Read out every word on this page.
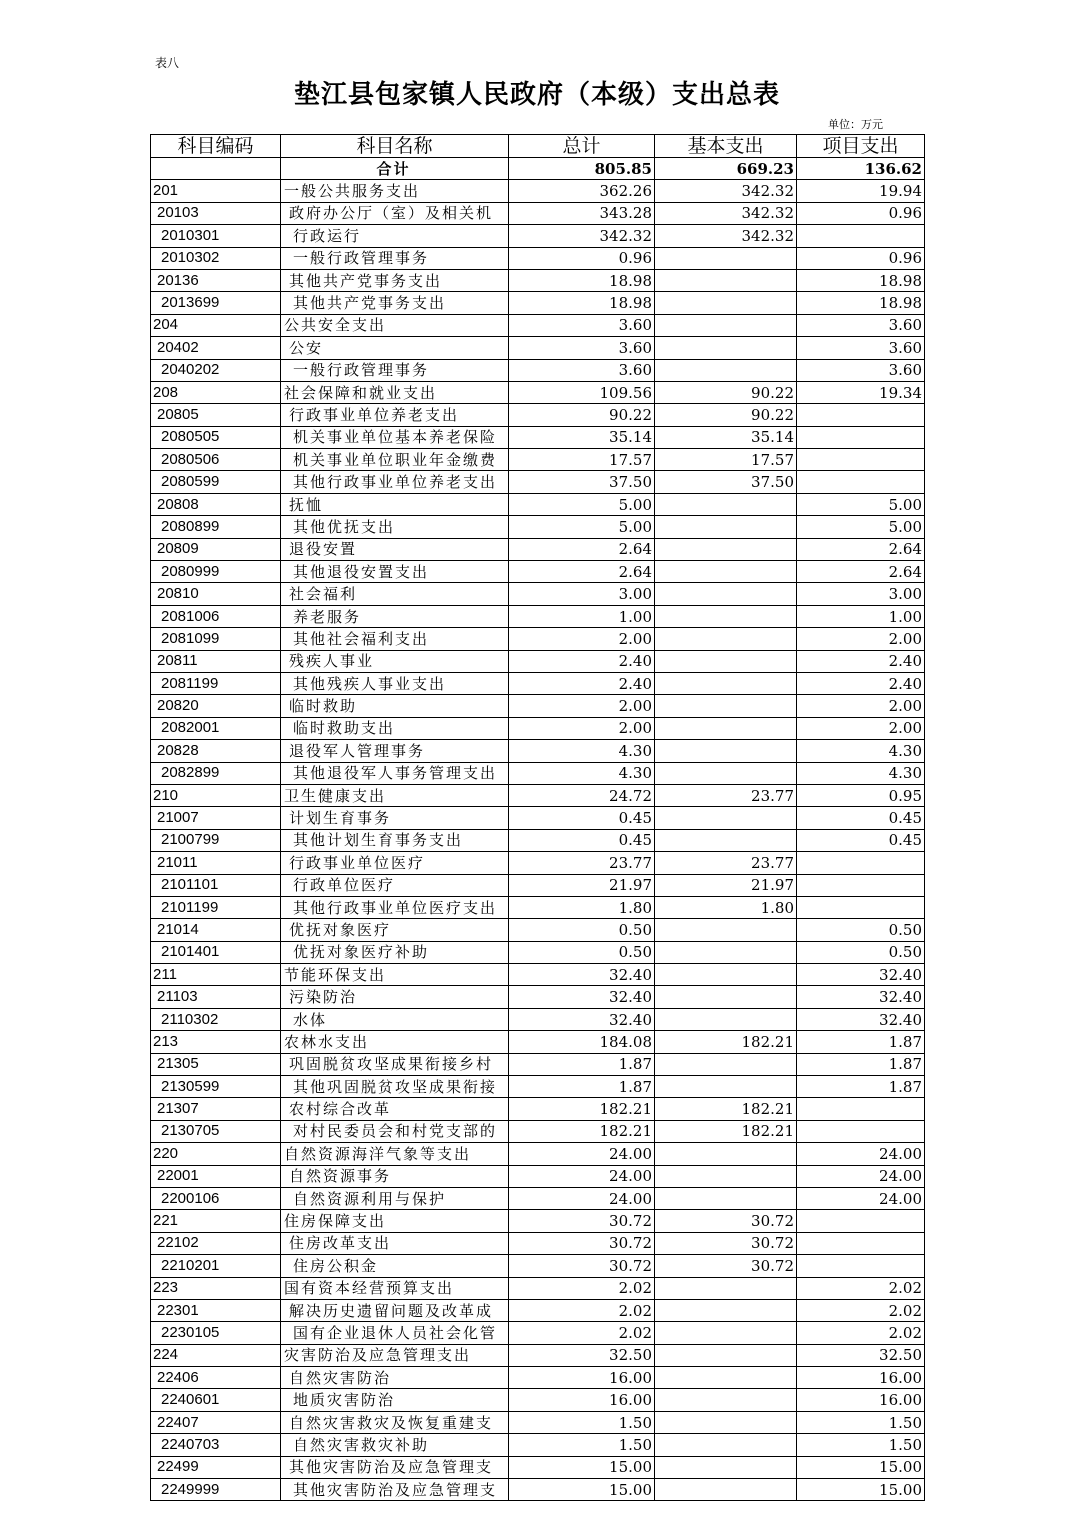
表八
垫江县包家镇人民政府（本级）支出总表
单位：万元
科目编码	科目名称	总计	基本支出	项目支出
	合计	805.85	669.23	136.62
201	一般公共服务支出	362.26	342.32	19.94
20103	政府办公厅（室）及相关机	343.28	342.32	0.96
2010301	行政运行	342.32	342.32	
2010302	一般行政管理事务	0.96		0.96
20136	其他共产党事务支出	18.98		18.98
2013699	其他共产党事务支出	18.98		18.98
204	公共安全支出	3.60		3.60
20402	公安	3.60		3.60
2040202	一般行政管理事务	3.60		3.60
208	社会保障和就业支出	109.56	90.22	19.34
20805	行政事业单位养老支出	90.22	90.22	
2080505	机关事业单位基本养老保险	35.14	35.14	
2080506	机关事业单位职业年金缴费	17.57	17.57	
2080599	其他行政事业单位养老支出	37.50	37.50	
20808	抚恤	5.00		5.00
2080899	其他优抚支出	5.00		5.00
20809	退役安置	2.64		2.64
2080999	其他退役安置支出	2.64		2.64
20810	社会福利	3.00		3.00
2081006	养老服务	1.00		1.00
2081099	其他社会福利支出	2.00		2.00
20811	残疾人事业	2.40		2.40
2081199	其他残疾人事业支出	2.40		2.40
20820	临时救助	2.00		2.00
2082001	临时救助支出	2.00		2.00
20828	退役军人管理事务	4.30		4.30
2082899	其他退役军人事务管理支出	4.30		4.30
210	卫生健康支出	24.72	23.77	0.95
21007	计划生育事务	0.45		0.45
2100799	其他计划生育事务支出	0.45		0.45
21011	行政事业单位医疗	23.77	23.77	
2101101	行政单位医疗	21.97	21.97	
2101199	其他行政事业单位医疗支出	1.80	1.80	
21014	优抚对象医疗	0.50		0.50
2101401	优抚对象医疗补助	0.50		0.50
211	节能环保支出	32.40		32.40
21103	污染防治	32.40		32.40
2110302	水体	32.40		32.40
213	农林水支出	184.08	182.21	1.87
21305	巩固脱贫攻坚成果衔接乡村	1.87		1.87
2130599	其他巩固脱贫攻坚成果衔接	1.87		1.87
21307	农村综合改革	182.21	182.21	
2130705	对村民委员会和村党支部的	182.21	182.21	
220	自然资源海洋气象等支出	24.00		24.00
22001	自然资源事务	24.00		24.00
2200106	自然资源利用与保护	24.00		24.00
221	住房保障支出	30.72	30.72	
22102	住房改革支出	30.72	30.72	
2210201	住房公积金	30.72	30.72	
223	国有资本经营预算支出	2.02		2.02
22301	解决历史遗留问题及改革成	2.02		2.02
2230105	国有企业退休人员社会化管	2.02		2.02
224	灾害防治及应急管理支出	32.50		32.50
22406	自然灾害防治	16.00		16.00
2240601	地质灾害防治	16.00		16.00
22407	自然灾害救灾及恢复重建支	1.50		1.50
2240703	自然灾害救灾补助	1.50		1.50
22499	其他灾害防治及应急管理支	15.00		15.00
2249999	其他灾害防治及应急管理支	15.00		15.00
